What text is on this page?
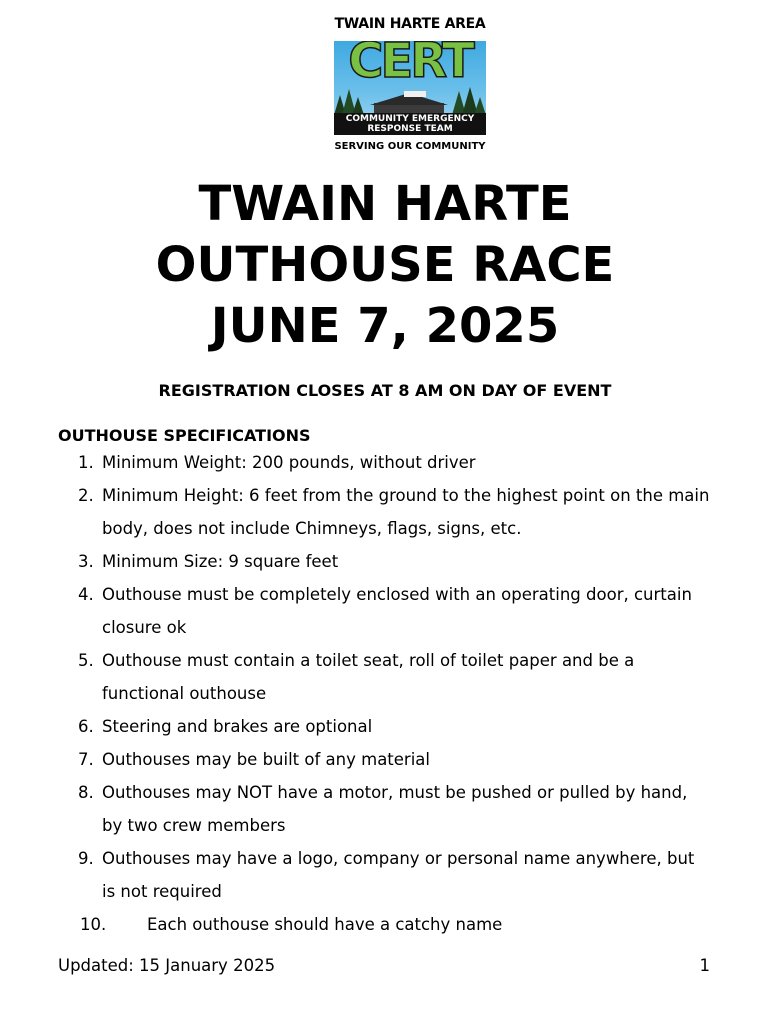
TWAIN HARTE AREA
CERT
COMMUNITY EMERGENCY
RESPONSE TEAM
SERVING OUR COMMUNITY
TWAIN HARTE
OUTHOUSE RACE
JUNE 7, 2025
REGISTRATION CLOSES AT 8 AM ON DAY OF EVENT
OUTHOUSE SPECIFICATIONS
1. Minimum Weight: 200 pounds, without driver
2. Minimum Height: 6 feet from the ground to the highest point on the main body, does not include Chimneys, flags, signs, etc.
3. Minimum Size: 9 square feet
4. Outhouse must be completely enclosed with an operating door, curtain closure ok
5. Outhouse must contain a toilet seat, roll of toilet paper and be a functional outhouse
6. Steering and brakes are optional
7. Outhouses may be built of any material
8. Outhouses may NOT have a motor, must be pushed or pulled by hand, by two crew members
9. Outhouses may have a logo, company or personal name anywhere, but is not required
10. Each outhouse should have a catchy name
Updated: 15 January 2025	1
